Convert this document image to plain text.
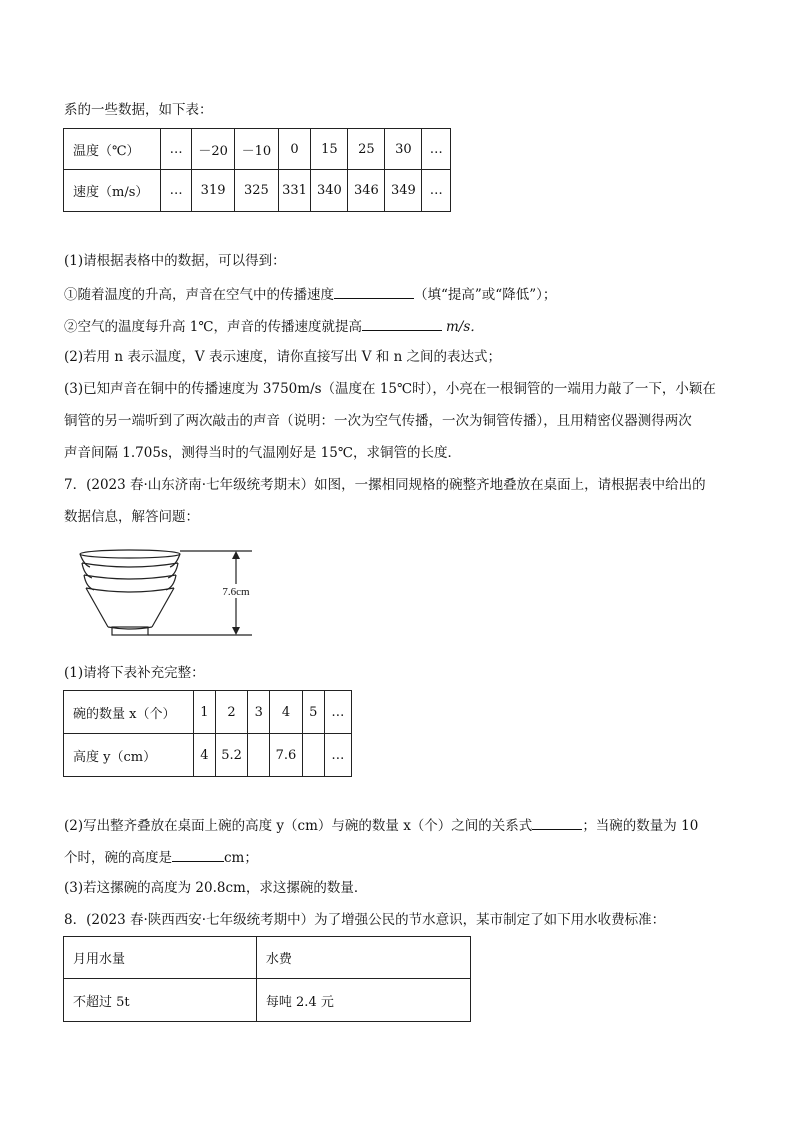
系的一些数据，如下表：
温度（℃）	…	－20	－10	0	15	25	30	…
速度（m/s）	…	319	325	331	340	346	349	…
(1)请根据表格中的数据，可以得到：
①随着温度的升高，声音在空气中的传播速度	（填“提高”或“降低”）；
②空气的温度每升高 1℃，声音的传播速度就提高	m/s．
(2)若用 n 表示温度，V 表示速度，请你直接写出 V 和 n 之间的表达式；
(3)已知声音在铜中的传播速度为 3750m/s（温度在 15℃时），小亮在一根铜管的一端用力敲了一下，小颖在
铜管的另一端听到了两次敲击的声音（说明：一次为空气传播，一次为铜管传播），且用精密仪器测得两次
声音间隔 1.705s，测得当时的气温刚好是 15℃，求铜管的长度．
7．(2023 春·山东济南·七年级统考期末）如图，一摞相同规格的碗整齐地叠放在桌面上，请根据表中给出的
数据信息，解答问题：
7.6cm
(1)请将下表补充完整：
碗的数量 x（个）	1	2	3	4	5	…
高度 y（cm）	4	5.2		7.6		…
(2)写出整齐叠放在桌面上碗的高度 y（cm）与碗的数量 x（个）之间的关系式	；当碗的数量为 10
个时，碗的高度是	cm；
(3)若这摞碗的高度为 20.8cm，求这摞碗的数量．
8．(2023 春·陕西西安·七年级统考期中）为了增强公民的节水意识，某市制定了如下用水收费标准：
月用水量	水费
不超过 5t	每吨 2.4 元
